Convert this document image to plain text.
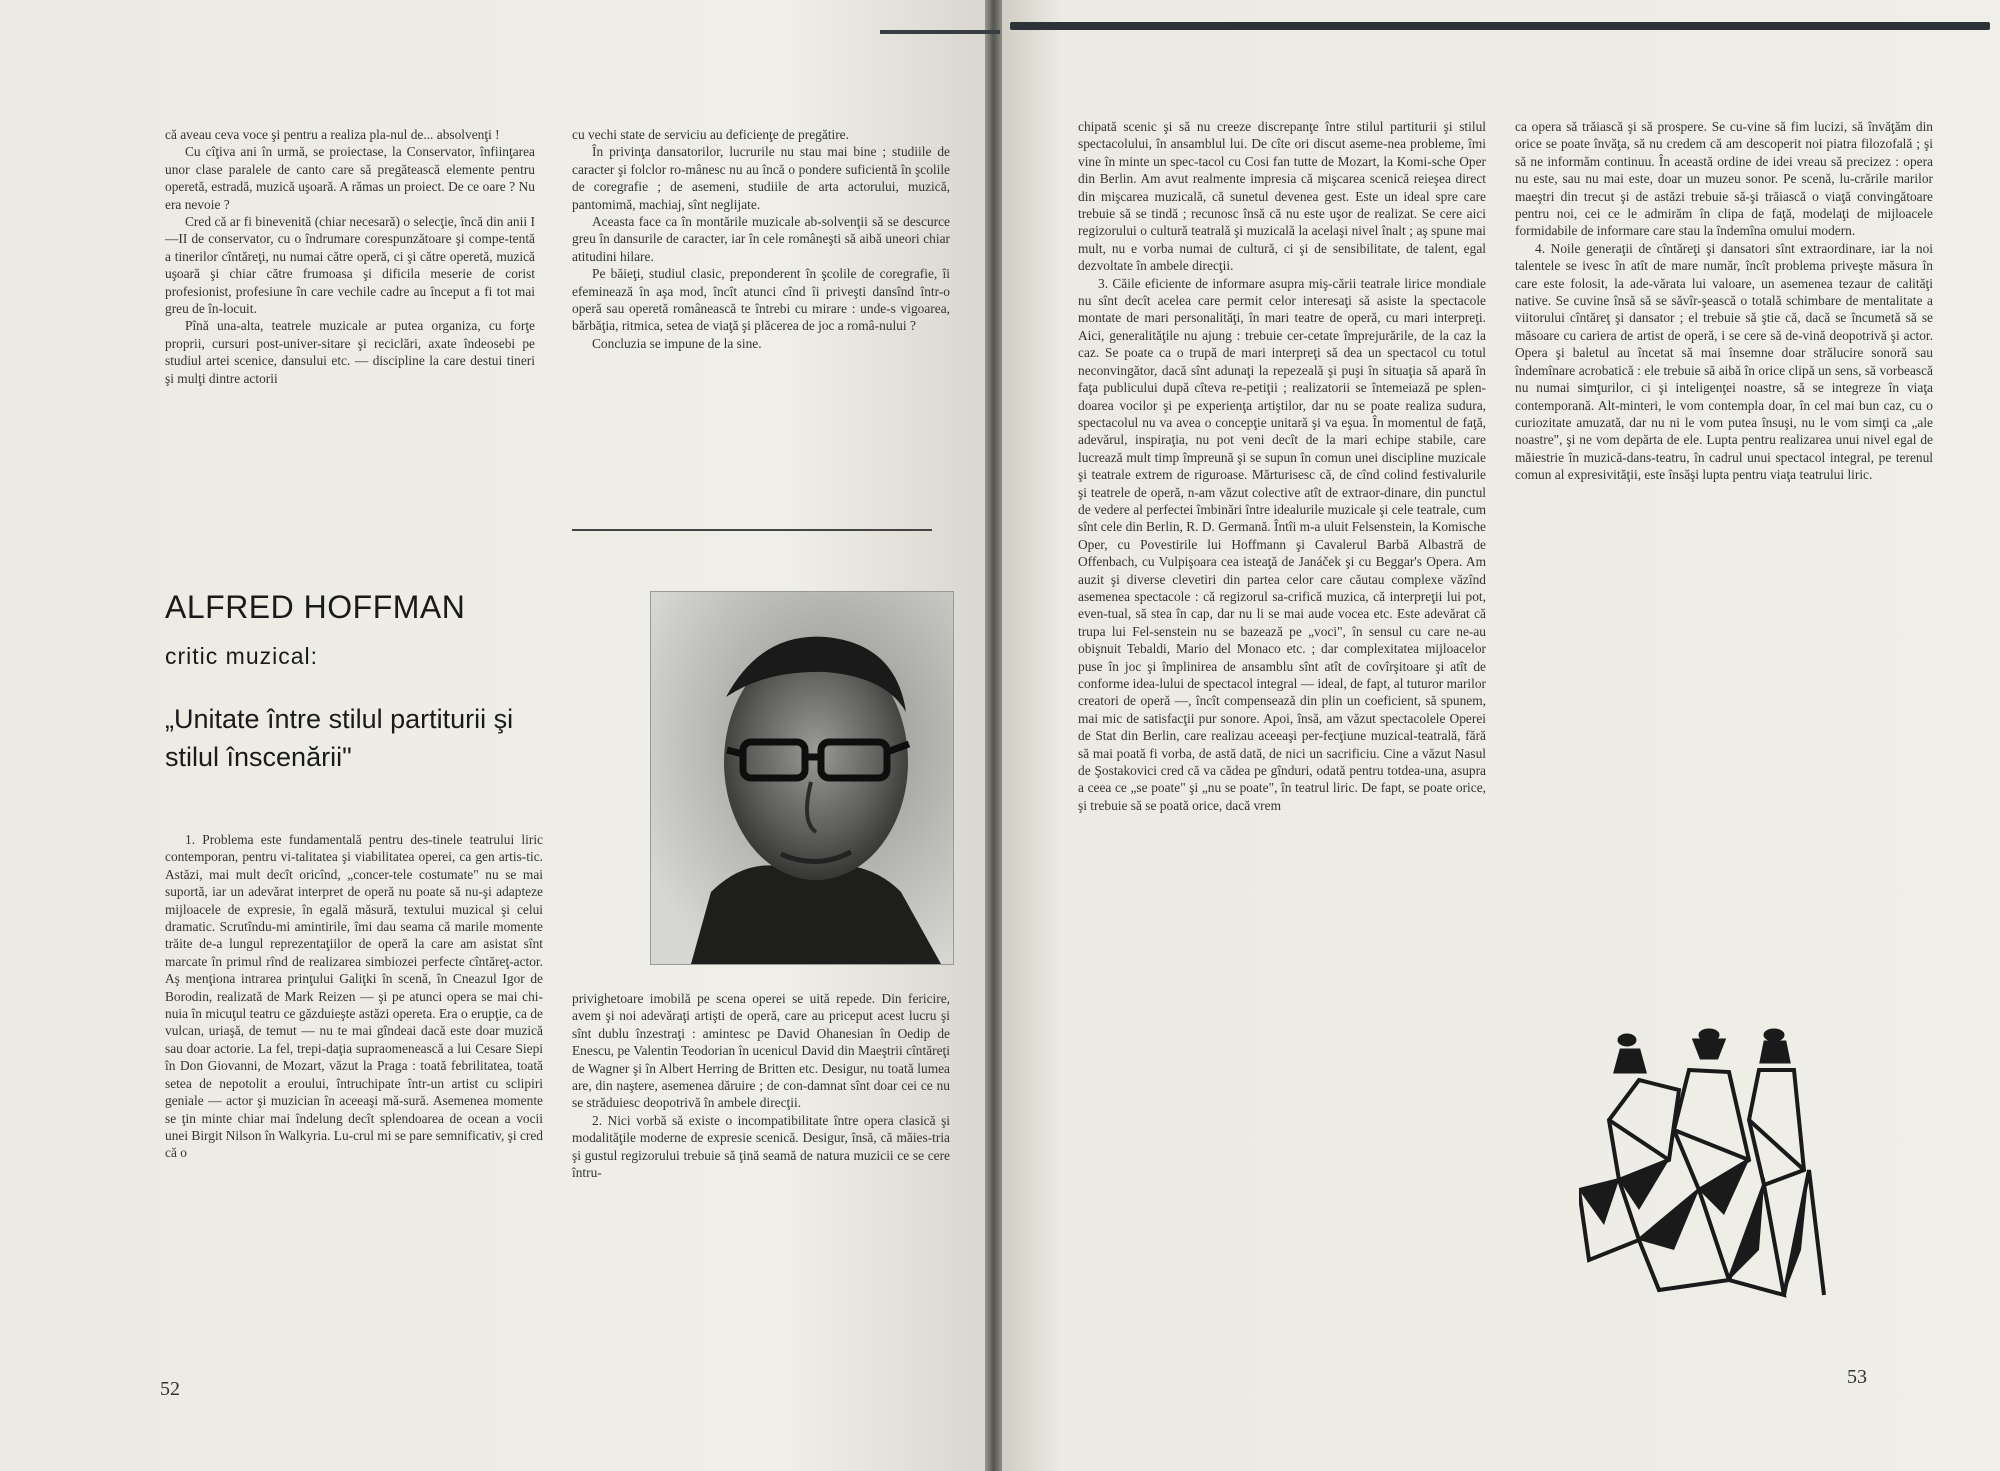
că aveau ceva voce şi pentru a realiza pla-nul de... absolvenţi !

Cu cîţiva ani în urmă, se proiectase, la Conservator, înfiinţarea unor clase paralele de canto care să pregătească elemente pentru operetă, estradă, muzică uşoară. A rămas un proiect. De ce oare ? Nu era nevoie ?

Cred că ar fi binevenită (chiar necesară) o selecţie, încă din anii I—II de conservator, cu o îndrumare corespunzătoare şi compe-tentă a tinerilor cîntăreţi, nu numai către operă, ci şi către operetă, muzică uşoară şi chiar către frumoasa şi dificila meserie de corist profesionist, profesiune în care vechile cadre au început a fi tot mai greu de în-locuit.

Pînă una-alta, teatrele muzicale ar putea organiza, cu forţe proprii, cursuri post-univer-sitare şi reciclări, axate îndeosebi pe studiul artei scenice, dansului etc. — discipline la care destui tineri şi mulţi dintre actorii

cu vechi state de serviciu au deficienţe de pregătire.

În privinţa dansatorilor, lucrurile nu stau mai bine ; studiile de caracter şi folclor ro-mânesc nu au încă o pondere suficientă în şcolile de coregrafie ; de asemeni, studiile de arta actorului, muzică, pantomimă, machiaj, sînt neglijate.

Aceasta face ca în montările muzicale ab-solvenţii să se descurce greu în dansurile de caracter, iar în cele româneşti să aibă uneori chiar atitudini hilare.

Pe băieţi, studiul clasic, preponderent în şcolile de coregrafie, îi efeminează în aşa mod, încît atunci cînd îi priveşti dansînd într-o operă sau operetă românească te întrebi cu mirare : unde-s vigoarea, bărbăţia, ritmica, setea de viaţă şi plăcerea de joc a româ-nului ?

Concluzia se impune de la sine.

ALFRED HOFFMAN
critic muzical:
„Unitate între stilul partiturii şi stilul înscenării"

1. Problema este fundamentală pentru des-tinele teatrului liric contemporan, pentru vi-talitatea şi viabilitatea operei, ca gen artis-tic. Astăzi, mai mult decît oricînd, „concer-tele costumate" nu se mai suportă, iar un adevărat interpret de operă nu poate să nu-şi adapteze mijloacele de expresie, în egală măsură, textului muzical şi celui dramatic. Scrutîndu-mi amintirile, îmi dau seama că marile momente trăite de-a lungul reprezentaţiilor de operă la care am asistat sînt marcate în primul rînd de realizarea simbiozei perfecte cîntăreţ-actor. Aş menţiona intrarea prinţului Galiţki în scenă, în Cneazul Igor de Borodin, realizată de Mark Reizen — şi pe atunci opera se mai chi-nuia în micuţul teatru ce găzduieşte astăzi opereta. Era o erupţie, ca de vulcan, uriaşă, de temut — nu te mai gîndeai dacă este doar muzică sau doar actorie. La fel, trepi-daţia supraomenească a lui Cesare Siepi în Don Giovanni, de Mozart, văzut la Praga : toată febrilitatea, toată setea de nepotolit a eroului, întruchipate într-un artist cu sclipiri geniale — actor şi muzician în aceeaşi mă-sură. Asemenea momente se ţin minte chiar mai îndelung decît splendoarea de ocean a vocii unei Birgit Nilson în Walkyria. Lu-crul mi se pare semnificativ, şi cred că o

privighetoare imobilă pe scena operei se uită repede. Din fericire, avem şi noi adevăraţi artişti de operă, care au priceput acest lucru şi sînt dublu înzestraţi : amintesc pe David Ohanesian în Oedip de Enescu, pe Valentin Teodorian în ucenicul David din Maeştrii cîntăreţi de Wagner şi în Albert Herring de Britten etc. Desigur, nu toată lumea are, din naştere, asemenea dăruire ; de con-damnat sînt doar cei ce nu se străduiesc deopotrivă în ambele direcţii.

2. Nici vorbă să existe o incompatibilitate între opera clasică şi modalităţile moderne de expresie scenică. Desigur, însă, că măies-tria şi gustul regizorului trebuie să ţină seamă de natura muzicii ce se cere întru-

52

chipată scenic şi să nu creeze discrepanţe între stilul partiturii şi stilul spectacolului, în ansamblul lui. De cîte ori discut aseme-nea probleme, îmi vine în minte un spec-tacol cu Cosi fan tutte de Mozart, la Komi-sche Oper din Berlin. Am avut realmente impresia că mişcarea scenică reieşea direct din mişcarea muzicală, că sunetul devenea gest. Este un ideal spre care trebuie să se tindă ; recunosc însă că nu este uşor de realizat. Se cere aici regizorului o cultură teatrală şi muzicală la acelaşi nivel înalt ; aş spune mai mult, nu e vorba numai de cultură, ci şi de sensibilitate, de talent, egal dezvoltate în ambele direcţii.

3. Căile eficiente de informare asupra miş-cării teatrale lirice mondiale nu sînt decît acelea care permit celor interesaţi să asiste la spectacole montate de mari personalităţi, în mari teatre de operă, cu mari interpreţi. Aici, generalităţile nu ajung : trebuie cer-cetate împrejurările, de la caz la caz. Se poate ca o trupă de mari interpreţi să dea un spectacol cu totul neconvingător, dacă sînt adunaţi la repezeală şi puşi în situaţia să apară în faţa publicului după cîteva re-petiţii ; realizatorii se întemeiază pe splen-doarea vocilor şi pe experienţa artiştilor, dar nu se poate realiza sudura, spectacolul nu va avea o concepţie unitară şi va eşua. În momentul de faţă, adevărul, inspiraţia, nu pot veni decît de la mari echipe stabile, care lucrează mult timp împreună şi se supun în comun unei discipline muzicale şi teatrale extrem de riguroase. Mărturisesc că, de cînd colind festivalurile şi teatrele de operă, n-am văzut colective atît de extraor-dinare, din punctul de vedere al perfectei îmbinări între idealurile muzicale şi cele teatrale, cum sînt cele din Berlin, R. D. Germană. Întîi m-a uluit Felsenstein, la Komische Oper, cu Povestirile lui Hoffmann şi Cavalerul Barbă Albastră de Offenbach, cu Vulpişoara cea isteaţă de Janáček şi cu Beggar's Opera. Am auzit şi diverse clevetiri din partea celor care căutau complexe văzînd asemenea spectacole : că regizorul sa-crifică muzica, că interpreţii lui pot, even-tual, să stea în cap, dar nu li se mai aude vocea etc. Este adevărat că trupa lui Fel-senstein nu se bazează pe „voci", în sensul cu care ne-au obişnuit Tebaldi, Mario del Monaco etc. ; dar complexitatea mijloacelor puse în joc şi împlinirea de ansamblu sînt atît de covîrşitoare şi atît de conforme idea-lului de spectacol integral — ideal, de fapt, al tuturor marilor creatori de operă —, încît compensează din plin un coeficient, să spunem, mai mic de satisfacţii pur sonore. Apoi, însă, am văzut spectacolele Operei de Stat din Berlin, care realizau aceeaşi per-fecţiune muzical-teatrală, fără să mai poată fi vorba, de astă dată, de nici un sacrificiu. Cine a văzut Nasul de Şostakovici cred că va cădea pe gînduri, odată pentru totdea-una, asupra a ceea ce „se poate" şi „nu se poate", în teatrul liric. De fapt, se poate orice, şi trebuie să se poată orice, dacă vrem

ca opera să trăiască şi să prospere. Se cu-vine să fim lucizi, să învăţăm din orice se poate învăţa, să nu credem că am descoperit noi piatra filozofală ; şi să ne informăm continuu. În această ordine de idei vreau să precizez : opera nu este, sau nu mai este, doar un muzeu sonor. Pe scenă, lu-crările marilor maeştri din trecut şi de astăzi trebuie să-şi trăiască o viaţă convingătoare pentru noi, cei ce le admirăm în clipa de faţă, modelaţi de mijloacele formidabile de informare care stau la îndemîna omului modern.

4. Noile generaţii de cîntăreţi şi dansatori sînt extraordinare, iar la noi talentele se ivesc în atît de mare număr, încît problema priveşte măsura în care este folosit, la ade-vărata lui valoare, un asemenea tezaur de calităţi native. Se cuvine însă să se săvîr-şească o totală schimbare de mentalitate a viitorului cîntăreţ şi dansator ; el trebuie să ştie că, dacă se încumetă să se măsoare cu cariera de artist de operă, i se cere să de-vină deopotrivă şi actor. Opera şi baletul au încetat să mai însemne doar strălucire sonoră sau îndemînare acrobatică : ele trebuie să aibă în orice clipă un sens, să vorbească nu numai simţurilor, ci şi inteligenţei noastre, să se integreze în viaţa contemporană. Alt-minteri, le vom contempla doar, în cel mai bun caz, cu o curiozitate amuzată, dar nu ni le vom putea însuşi, nu le vom simţi ca „ale noastre", şi ne vom depărta de ele. Lupta pentru realizarea unui nivel egal de măiestrie în muzică-dans-teatru, în cadrul unui spectacol integral, pe terenul comun al expresivităţii, este însăşi lupta pentru viaţa teatrului liric.

53
